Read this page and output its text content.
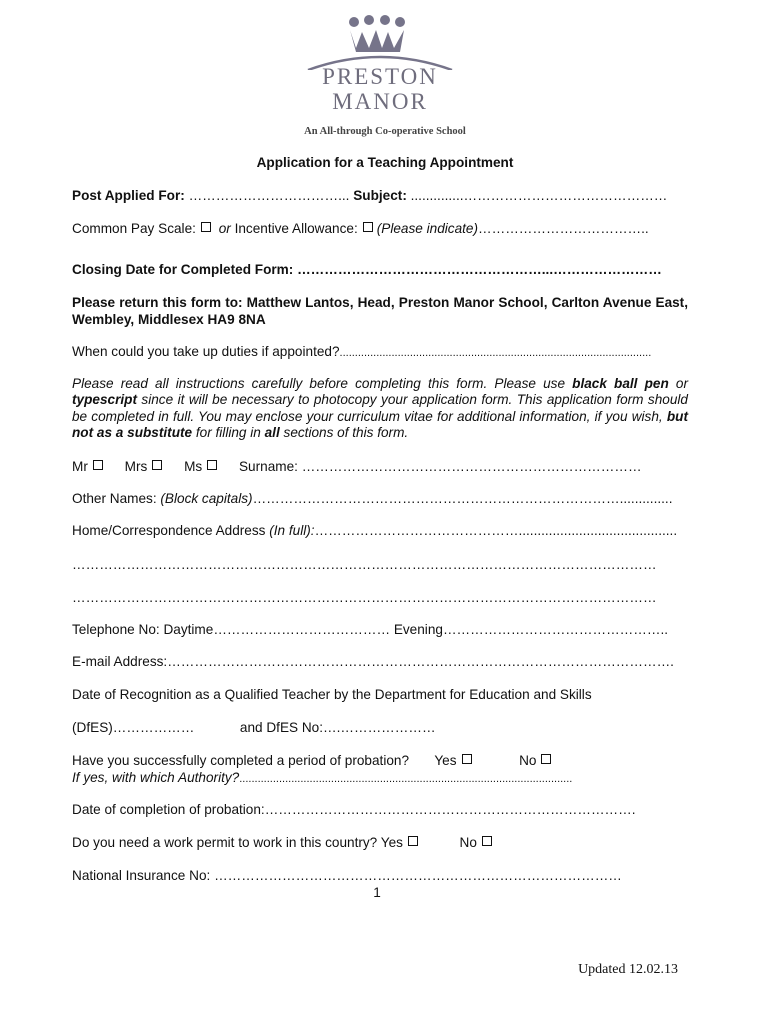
PRESTON
MANOR
An All-through Co-operative School
Application for a Teaching Appointment
Post Applied For: ……………………………... Subject: ..............………………………………………
Common Pay Scale: or Incentive Allowance: (Please indicate)………………………………..
Closing Date for Completed Form: ………………………………………………...……………………
Please return this form to: Matthew Lantos, Head, Preston Manor School, Carlton Avenue East, Wembley, Middlesex HA9 8NA
When could you take up duties if appointed?......................................................................................................
Please read all instructions carefully before completing this form. Please use black ball pen or typescript since it will be necessary to photocopy your application form. This application form should be completed in full. You may enclose your curriculum vitae for additional information, if you wish, but not as a substitute for filling in all sections of this form.
Mr	Mrs	Ms	Surname: …………………………………………………………………
Other Names: (Block capitals)………………………………………………………………………..............
Home/Correspondence Address (In full):………………………………………..........................................
…………………………………………………………………………………………………………………
…………………………………………………………………………………………………………………
Telephone No: Daytime………………………………… Evening…………………………………………..
E-mail Address:………………………………………………………………………………………………….
Date of Recognition as a Qualified Teacher by the Department for Education and Skills
(DfES)………………	and DfES No:….…………………
Have you successfully completed a period of probation? Yes	No
If yes, with which Authority?.............................................................................................................
Date of completion of probation:……………………………………………………………………….
Do you need a work permit to work in this country? Yes	No
National Insurance No: ………………………………………………………………………………
1
Updated 12.02.13
